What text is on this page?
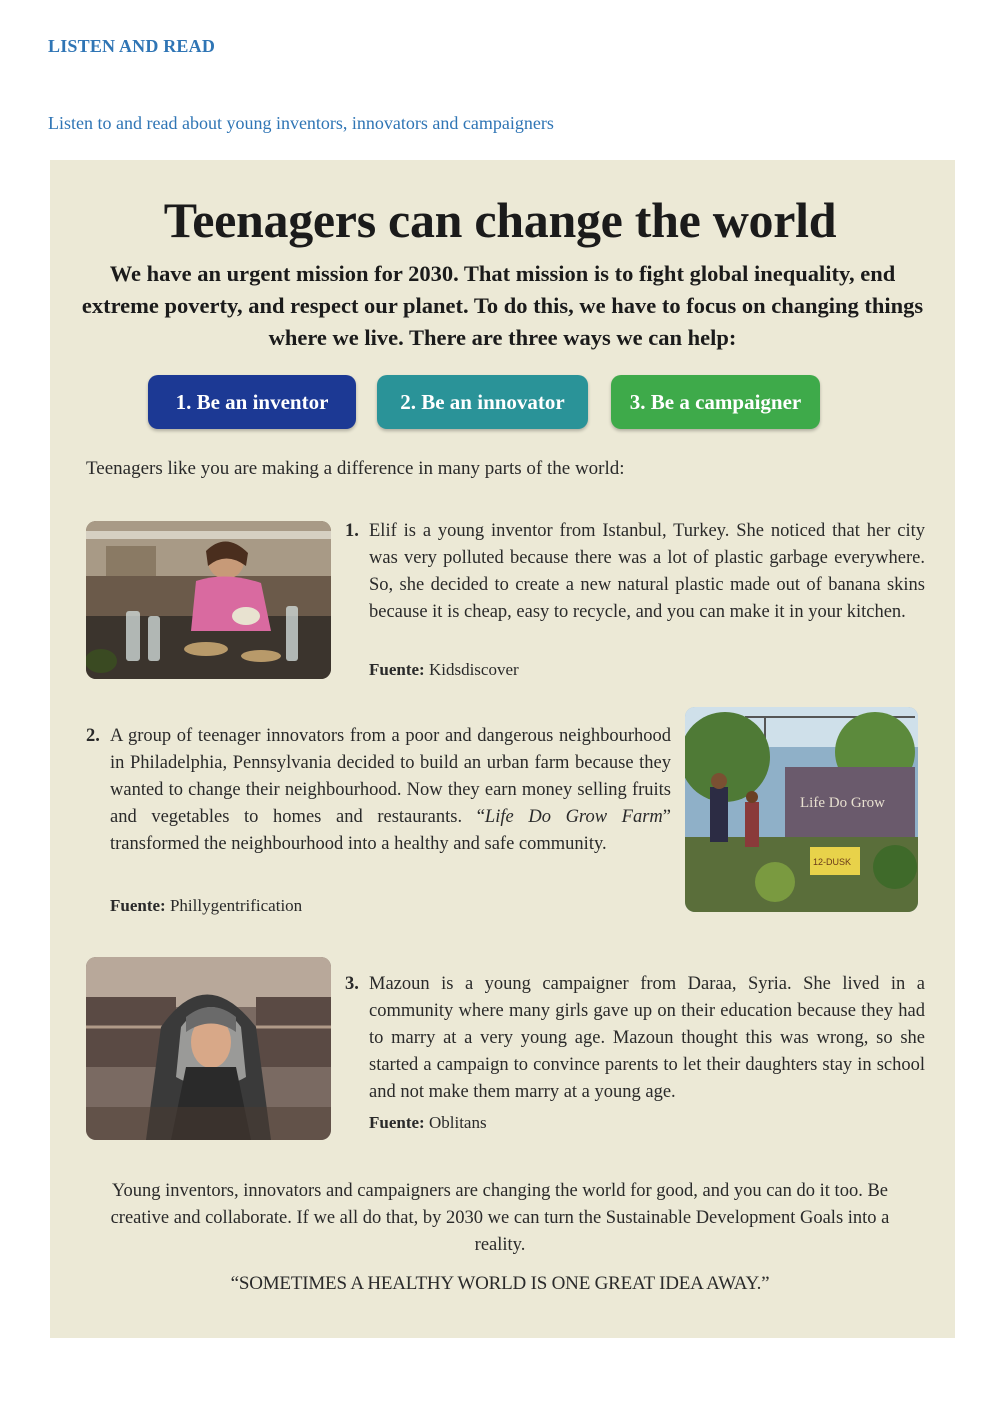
LISTEN AND READ
Listen to and read about young inventors, innovators and campaigners
Teenagers can change the world
We have an urgent mission for 2030. That mission is to fight global inequality, end extreme poverty, and respect our planet. To do this, we have to focus on changing things where we live. There are three ways we can help:
1. Be an inventor	2. Be an innovator	3. Be a campaigner
Teenagers like you are making a difference in many parts of the world:
1. Elif is a young inventor from Istanbul, Turkey. She noticed that her city was very polluted because there was a lot of plastic garbage everywhere. So, she decided to create a new natural plastic made out of banana skins because it is cheap, easy to recycle, and you can make it in your kitchen.
Fuente: Kidsdiscover
2. A group of teenager innovators from a poor and dangerous neighbourhood in Philadelphia, Pennsylvania decided to build an urban farm because they wanted to change their neighbourhood. Now they earn money selling fruits and vegetables to homes and restaurants. “Life Do Grow Farm” transformed the neighbourhood into a healthy and safe community.
Fuente: Phillygentrification
Life Do Grow
12-DUSK
3. Mazoun is a young campaigner from Daraa, Syria. She lived in a community where many girls gave up on their education because they had to marry at a very young age. Mazoun thought this was wrong, so she started a campaign to convince parents to let their daughters stay in school and not make them marry at a young age.
Fuente: Oblitans
Young inventors, innovators and campaigners are changing the world for good, and you can do it too. Be creative and collaborate. If we all do that, by 2030 we can turn the Sustainable Development Goals into a reality.
“SOMETIMES A HEALTHY WORLD IS ONE GREAT IDEA AWAY.”
